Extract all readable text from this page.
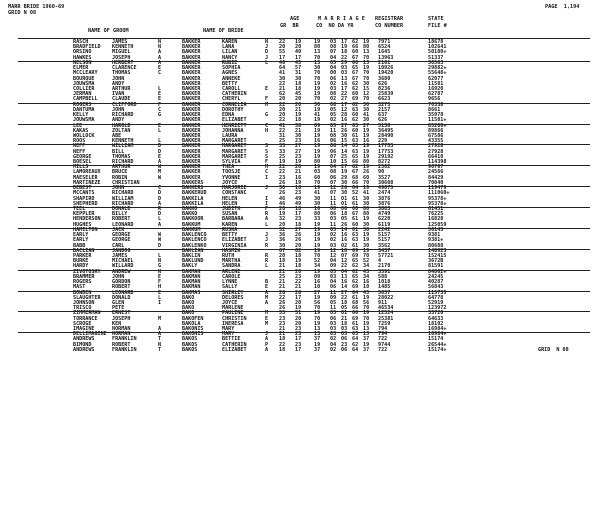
MARR BRIDE 1960-69
GRID N 08
PAGE  1,194
NAME OF GROOM	NAME OF BRIDE
AGE
GR  BR
M A R R I A G E
CO  NO DA YR
REGISTRAR
CO NUMBER
STATE
FILE #
RASCH	JAMES	N	BAKKER	KAREN	N 22 19	19 03 17 62 19 7971	18678
BRADFIELD KENNETH	N	BAKKER	LANA	J 20 20	80 08 19 66 80 6524	102641
ORSINO	MIGUEL	A	BAKKER	LILAN	D 55 40	13 07 18 60 13 1645	50100+
HAWKES	JOSEPH	A	BAKKER	NANCY	J 17 17	70 04 22 67 70 13963	51337
NELSON	HERBERT	A	BAKKER	RUBIE	L 46 45	13 05 29 60 13 2161	30503
ELMER	CLARENCE	E	BAKKER	SOPHIA	64 57	30 04 03 65 19 10926	29882+
MCCLEARY	THOMAS	C	BAKKER	AGNES	41 31	70 00 03 67 70 19420	55648+
BOURQUE	JOHN	BAKKER	ANNEKE	30 30	70 06 13 67 70 3680	62077
JOUWSMA	ANDY	BAKKER	BETTY	22 18	19 02 16 62 30 626	11581
COLLIER	ARTHUR	L	BAKKER	CAROLL	E 21 18	19 03 17 62 15 8236	16920
JERMAN	IVAN	E	BAKKER	CATHERIN	62 45	19 08 22 60 12 25839	62787
CAMPBELL	CLAUDE	E	BAKKER	CHERYL	F 20 20	70 02 27 69 70 6623	9656
ROGERS	CLIFFORD	F	BAKKER	CORNELIA	M 22 20	30 08 17 62 30 3273	70338
DANTUMA	JOHN	C	BAKKER	DOROTHY	20 21	19 05 12 63 30 2157	8661
KELLY	RICHARD	G	BAKKER	EDNA	G 20 19	41 05 28 60 41 637	35978
JOUWSMA	ANDY	BAKKER	ELIZABET	22 18	19 02 16 62 30 626	11581+
LEE	HAROLD	E	BAKKER	HENRIETT	C 41 38	09 05 27 63 27 5138	85200+
KAKAS	ZOLTAN	L	BAKKER	JOHANNA	H 22 21	19 11 26 60 19 36495	89866
WOLLOCK	ABE	BAKKER	LAURA	31 30	19 08 30 61 19 28490	67586
ROOS	KENNETH	L	BAKKER	MARGARET	25 23	16 06 15 63 16 229	43355
NEFF	WILLIAM	D	BAKKER	MARGARET	S 33 27	19 06 14 63 19 17753	27928
NEFF	BILL	D	BAKKER	MARGARET	S 33 27	19 06 14 63 19 17753	27928
GEORGE	THOMAS	E	BAKKER	MARGARET	S 25 23	19 07 25 65 19 29192	66410
BOESEL	RICHARD	A	BAKKER	SYLVIA	F 19 19	80 10 15 66 80 8272	114398
MILLS	ARTHUR	W	BAKKER	THEA	M 22 20	19 04 27 62 19 2502	90767
LAMOREAUX BRUCE	M	BAKKER	TOOSJE	C 22 21	03 08 19 67 26 90	24566
MAESELER	ROBIN	W	BAKKER	YVONNE	I 23 16	60 06 29 68 60 3527	84429
MARTINEZE CHRISTIAN	BAKKERS	JOYCE	26 19	70 07 30 66 70 30608	70040
DEBEST	JOHN	C	BAKKERS	MARJORIE	J 30 18	19 12 26 64 19 49075	119479
MCCANTS	RICHARD	D	BAKKERUD	CONSTANC	26 23	41 07 30 52 41 2474	111060+
SHAPIRO	WILLIAM	D	BAKKILA	HELEN	I 46 49	30 11 01 61 30 3876	95378+
SHEPHERD	RICHARD	A	BAKKILA	HELEN	I 46 49	30 11 01 61 30 3876	95378+
TEEL	DONALD	R	BAKKO	JUDITH	F 20 18	16 08 06 60 80 3883	61451
KEPPLER	BILLY	D	BAKKO	SUSAN	R 19 17	80 06 18 67 80 4749	76225
HENDERSON ROBERT	L	BAKKOOR	BARBARA	A 32 23	33 03 05 61 19 6220	16828
HUGHES	LEONARD	A	BAKKUM	KAREN	L 20 18	19 11 26 60 30 6119	125059
HAMILTON	JACK	BAKKUM	RUSKA	32 27	19 05 14 61 38 2242	56143
EARLY	GEORGE	W	BAKLENCO	BETTY	J 36 26	19 02 16 63 19 5157	9381
EARLY	GEORGE	W	BAKLENCO	ELIZABET	J 36 26	19 02 16 63 19 5157	9381+
BABB	CARL	D	BAKLENKO	VIRGINIA	R 30 20	19 03 02 61 30 3562	80688
BACLIAN	JANDOG	BAKLIAN	HASMIK	67 62	19 12 18 69 19 3437	148923
PARKER	JAMES	L	BAKLIN	RUTH	R 20 18	70 12 07 69 70 57721	152415
BURKE	MICHAEL	N	BAKLUND	MARTHA	R 18 19	52 04 12 65 52 4	3672B
HARDY	WILLARD	G	BAKLY	SANDRA	L 21 18	34 09 22 62 34 2170	81591
ZIVOTOSKY ANDREW	N	BAKMAN	ARLENE	21 20	19 05 04 62 43 3591	84862+
BRAMMER	JOHN	E	BAKMAN	CAROLE	25 23	09 03 13 65 34 588	24245
ROGERS	GORDON	F	BAKMAN	LYNNE	B 21 22	16 04 16 62 16 1018	40287
MAST	ROBERT	H	BAKMAN	SALLY	E 21 21	10 06 14 69 10 1485	56843
BOWDEN	LEONARD	E	BAKMAS	SHIRLEY	A 26 26	27 11 27 64 45 5037	115735
SLAUGHTER DONALD	L	BAKO	DELORES	M 22 17	19 09 22 61 19 28022	64778
JOHNSON	GLEN	I	BAKO	JOYCE	A 26 20	56 05 18 68 56 911	52919
TRISCO	PETE	BAKO	MARLENE	26 19	70 11 05 66 70 46534	123972
ZIMMERMAN ERNEST	BAKO	PAULINE	M 55 51	19 05 01 66 19 12524	33720
TORRANCE	JOSEPH	M	BAKOFEN	CHRISTIN	E 23 20	70 06 21 69 70 25381	64633
SCROGE	KEN	BAKOLA	INERESA	M 23 20	19 03 18 61 19 7259	18102
IMAGINE	NORMAN	A	BAKONIS	MARY	21 23	13 03 03 63 13 794	16984+
DELLIMAGINE NORMAN	A	BAKONIS	MARY	J 21 23	13 03 03 63 13 794	16984+
ANDREWS	FRANKLIN	T	BAKOS	BETTIE	A 18 17	37 02 06 64 37 722	15174
BIMOND	ROBERT	N	BAKOS	CATHERIN	P 22 23	19 04 23 62 19 9744	26544+
ANDREWS	FRANKLIN	T	BAKOS	ELIZABET	A 18 17	37 02 06 64 37 722	15174+	GRID  N 08
